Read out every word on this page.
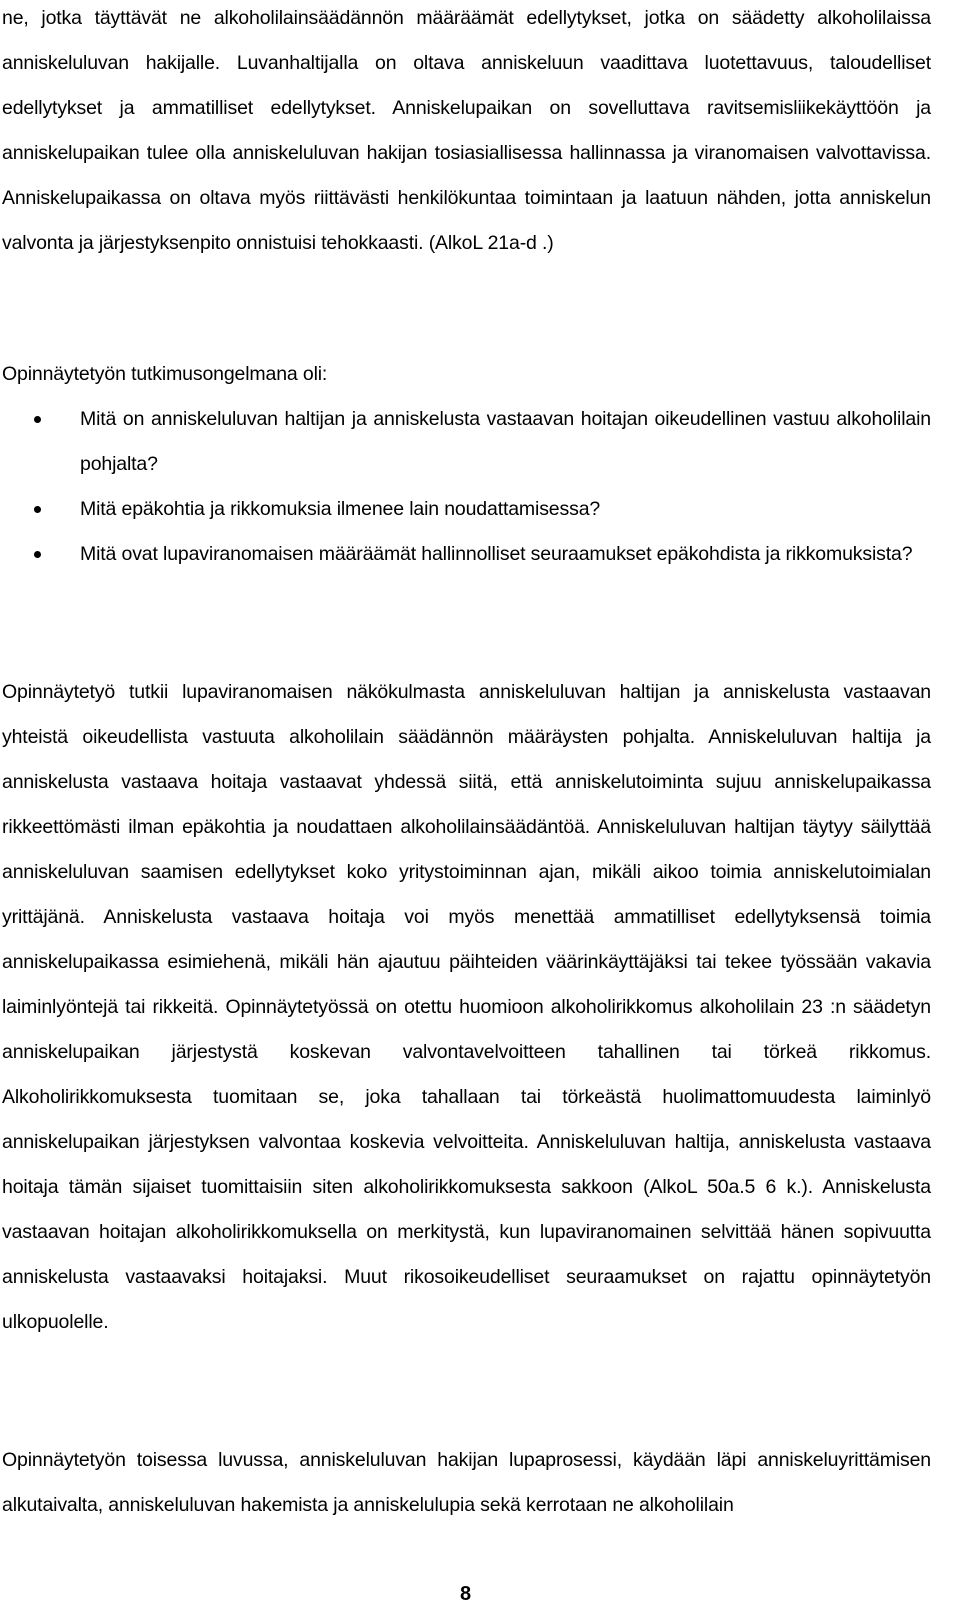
ne, jotka täyttävät ne alkoholilainsäädännön määräämät edellytykset, jotka on säädetty alkoholilaissa anniskeluluvan hakijalle. Luvanhaltijalla on oltava anniskeluun vaadittava luotettavuus, taloudelliset edellytykset ja ammatilliset edellytykset. Anniskelupaikan on sovelluttava ravitsemisliikekäyttöön ja anniskelupaikan tulee olla anniskeluluvan hakijan tosiasiallisessa hallinnassa ja viranomaisen valvottavissa. Anniskelupaikassa on oltava myös riittävästi henkilökuntaa toimintaan ja laatuun nähden, jotta anniskelun valvonta ja järjestyksenpito onnistuisi tehokkaasti. (AlkoL 21a-d .)

Opinnäytetyön tutkimusongelmana oli:

Mitä on anniskeluluvan haltijan ja anniskelusta vastaavan hoitajan oikeudellinen vastuu alkoholilain pohjalta?

Mitä epäkohtia ja rikkomuksia ilmenee lain noudattamisessa?

Mitä ovat lupaviranomaisen määräämät hallinnolliset seuraamukset epäkohdista ja rikkomuksista?

Opinnäytetyö tutkii lupaviranomaisen näkökulmasta anniskeluluvan haltijan ja anniskelusta vastaavan yhteistä oikeudellista vastuuta alkoholilain säädännön määräysten pohjalta. Anniskeluluvan haltija ja anniskelusta vastaava hoitaja vastaavat yhdessä siitä, että anniskelutoiminta sujuu anniskelupaikassa rikkeettömästi ilman epäkohtia ja noudattaen alkoholilainsäädäntöä. Anniskeluluvan haltijan täytyy säilyttää anniskeluluvan saamisen edellytykset koko yritystoiminnan ajan, mikäli aikoo toimia anniskelutoimialan yrittäjänä. Anniskelusta vastaava hoitaja voi myös menettää ammatilliset edellytyksensä toimia anniskelupaikassa esimiehenä, mikäli hän ajautuu päihteiden väärinkäyttäjäksi tai tekee työssään vakavia laiminlyöntejä tai rikkeitä. Opinnäytetyössä on otettu huomioon alkoholirikkomus alkoholilain 23 :n säädetyn anniskelupaikan järjestystä koskevan valvontavelvoitteen tahallinen tai törkeä rikkomus. Alkoholirikkomuksesta tuomitaan se, joka tahallaan tai törkeästä huolimattomuudesta laiminlyö anniskelupaikan järjestyksen valvontaa koskevia velvoitteita. Anniskeluluvan haltija, anniskelusta vastaava hoitaja tämän sijaiset tuomittaisiin siten alkoholirikkomuksesta sakkoon (AlkoL 50a.5 6 k.). Anniskelusta vastaavan hoitajan alkoholirikkomuksella on merkitystä, kun lupaviranomainen selvittää hänen sopivuutta anniskelusta vastaavaksi hoitajaksi. Muut rikosoikeudelliset seuraamukset on rajattu opinnäytetyön ulkopuolelle.

Opinnäytetyön toisessa luvussa, anniskeluluvan hakijan lupaprosessi, käydään läpi anniskeluyrittämisen alkutaivalta, anniskeluluvan hakemista ja anniskelulupia sekä kerrotaan ne alkoholilain

8
